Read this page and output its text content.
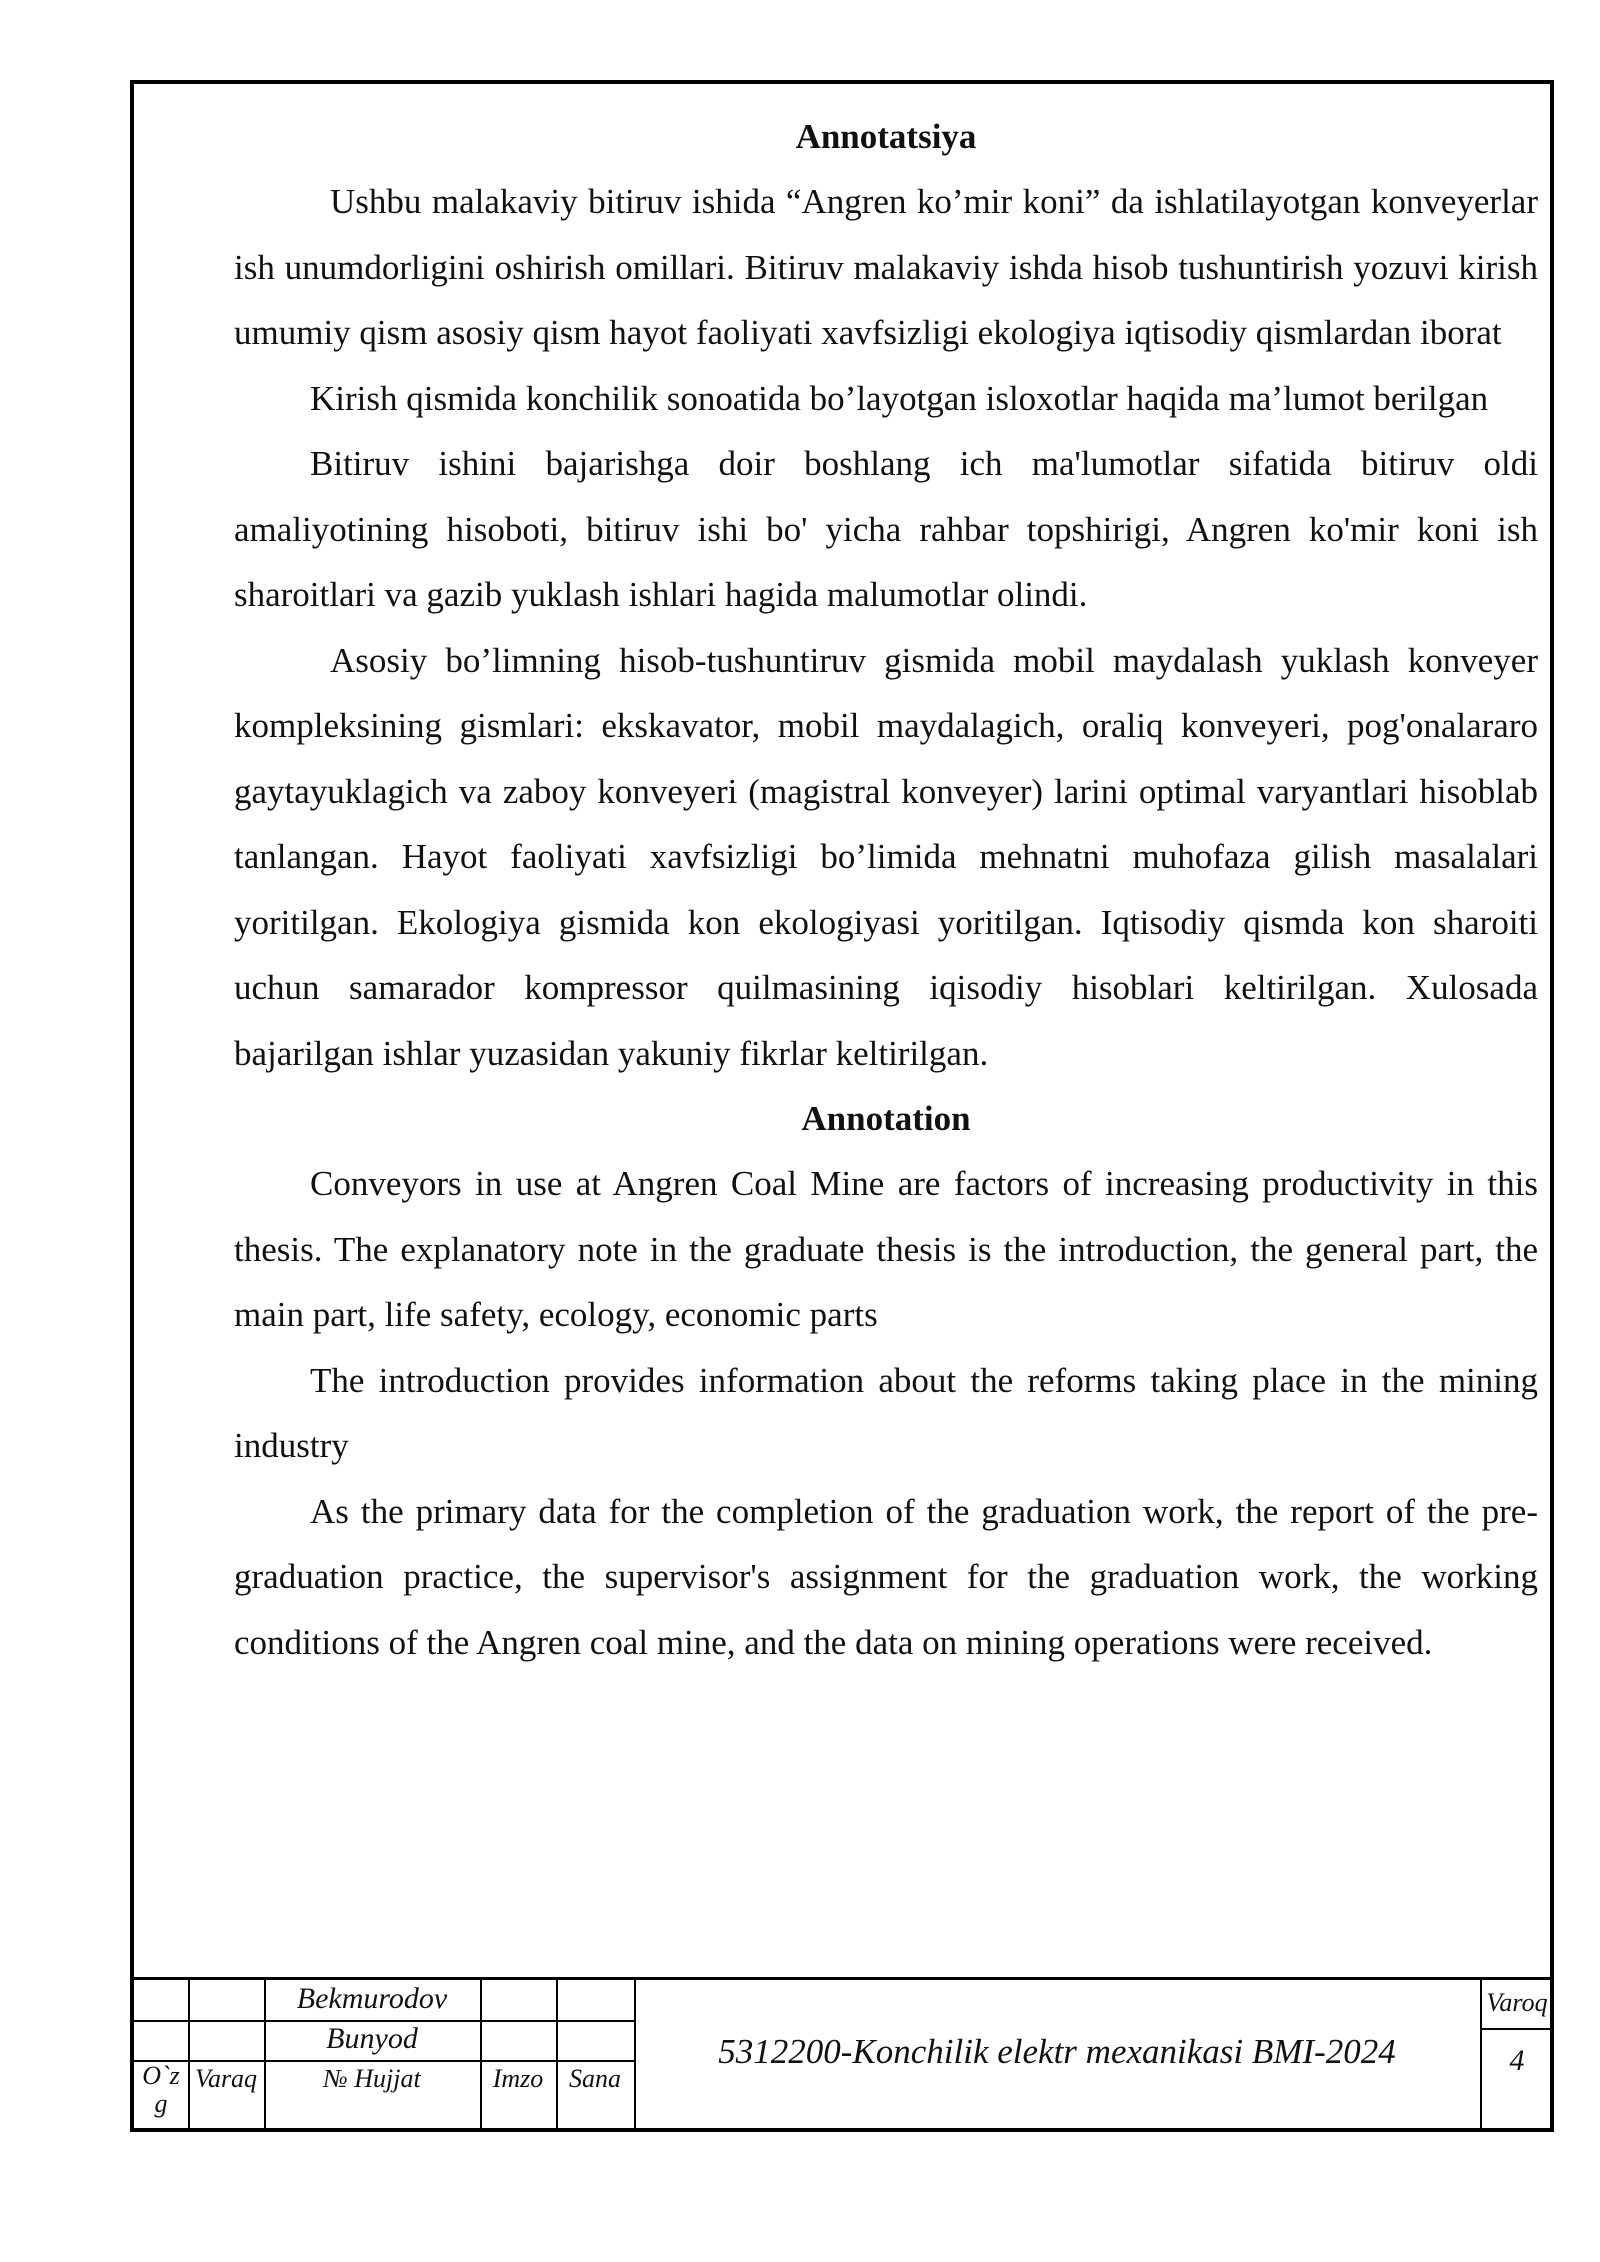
Annotatsiya

Ushbu malakaviy bitiruv ishida “Angren ko’mir koni” da ishlatilayotgan konveyerlar ish unumdorligini oshirish omillari. Bitiruv malakaviy ishda hisob tushuntirish yozuvi kirish umumiy qism asosiy qism hayot faoliyati xavfsizligi ekologiya iqtisodiy qismlardan iborat

Kirish qismida konchilik sonoatida bo’layotgan isloxotlar haqida ma’lumot berilgan

Bitiruv ishini bajarishga doir boshlang ich ma'lumotlar sifatida bitiruv oldi amaliyotining hisoboti, bitiruv ishi bo' yicha rahbar topshirigi, Angren ko'mir koni ish sharoitlari va gazib yuklash ishlari hagida malumotlar olindi.

Asosiy bo’limning hisob-tushuntiruv gismida mobil maydalash yuklash konveyer kompleksining gismlari: ekskavator, mobil maydalagich, oraliq konveyeri, pog'onalararo gaytayuklagich va zaboy konveyeri (magistral konveyer) larini optimal varyantlari hisoblab tanlangan. Hayot faoliyati xavfsizligi bo’limida mehnatni muhofaza gilish masalalari yoritilgan. Ekologiya gismida kon ekologiyasi yoritilgan. Iqtisodiy qismda kon sharoiti uchun samarador kompressor quilmasining iqisodiy hisoblari keltirilgan. Xulosada bajarilgan ishlar yuzasidan yakuniy fikrlar keltirilgan.

Annotation

Conveyors in use at Angren Coal Mine are factors of increasing productivity in this thesis. The explanatory note in the graduate thesis is the introduction, the general part, the main part, life safety, ecology, economic parts

The introduction provides information about the reforms taking place in the mining industry

As the primary data for the completion of the graduation work, the report of the pre-graduation practice, the supervisor's assignment for the graduation work, the working conditions of the Angren coal mine, and the data on mining operations were received.

Bekmurodov
Bunyod
O`z g
Varaq	№ Hujjat	Imzo Sana
5312200-Konchilik elektr mexanikasi BMI-2024
Varoq
4
